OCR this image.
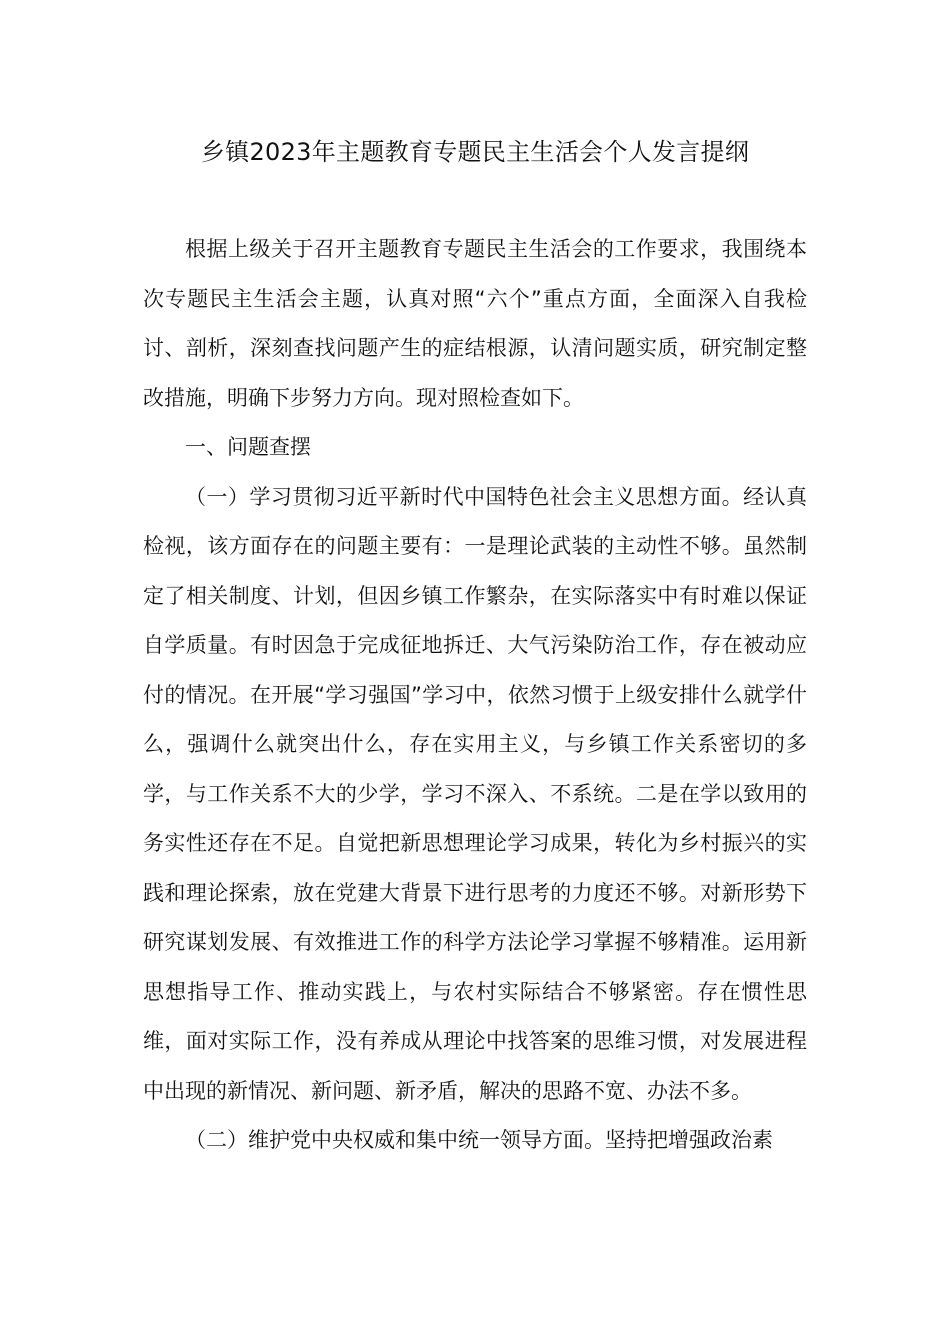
乡镇2023年主题教育专题民主生活会个人发言提纲

根据上级关于召开主题教育专题民主生活会的工作要求，我围绕本次专题民主生活会主题，认真对照“六个”重点方面，全面深入自我检讨、剖析，深刻查找问题产生的症结根源，认清问题实质，研究制定整改措施，明确下步努力方向。现对照检查如下。

一、问题查摆

（一）学习贯彻习近平新时代中国特色社会主义思想方面。经认真检视，该方面存在的问题主要有：一是理论武装的主动性不够。虽然制定了相关制度、计划，但因乡镇工作繁杂，在实际落实中有时难以保证自学质量。有时因急于完成征地拆迁、大气污染防治工作，存在被动应付的情况。在开展“学习强国”学习中，依然习惯于上级安排什么就学什么，强调什么就突出什么，存在实用主义，与乡镇工作关系密切的多学，与工作关系不大的少学，学习不深入、不系统。二是在学以致用的务实性还存在不足。自觉把新思想理论学习成果，转化为乡村振兴的实践和理论探索，放在党建大背景下进行思考的力度还不够。对新形势下研究谋划发展、有效推进工作的科学方法论学习掌握不够精准。运用新思想指导工作、推动实践上，与农村实际结合不够紧密。存在惯性思维，面对实际工作，没有养成从理论中找答案的思维习惯，对发展进程中出现的新情况、新问题、新矛盾，解决的思路不宽、办法不多。

（二）维护党中央权威和集中统一领导方面。坚持把增强政治素
